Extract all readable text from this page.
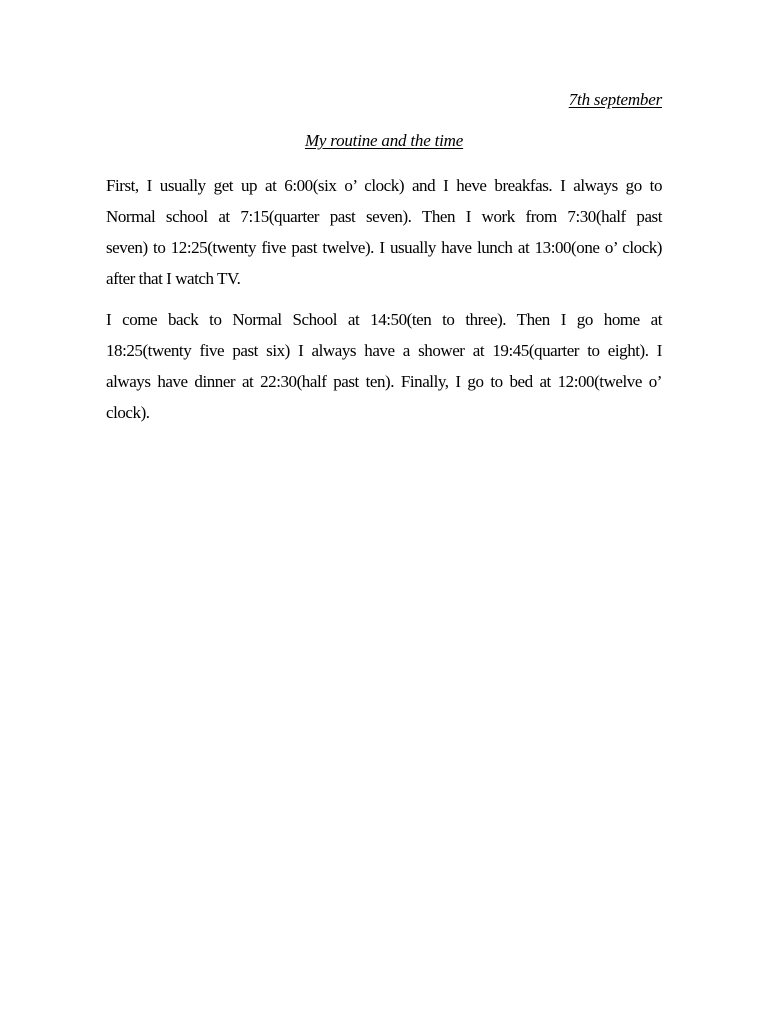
7th september
My routine and the time
First, I usually get up at 6:00(six o’ clock) and I heve breakfas. I always go to
Normal school at 7:15(quarter past seven). Then I work from 7:30(half past
seven) to 12:25(twenty five past twelve). I usually have lunch at 13:00(one o’ clock)
after that I watch TV.
I come back to Normal School at 14:50(ten to three). Then I go home at
18:25(twenty five past six) I always have a shower at 19:45(quarter to eight). I
always have dinner at 22:30(half past ten). Finally, I go to bed at 12:00(twelve o’
clock).
